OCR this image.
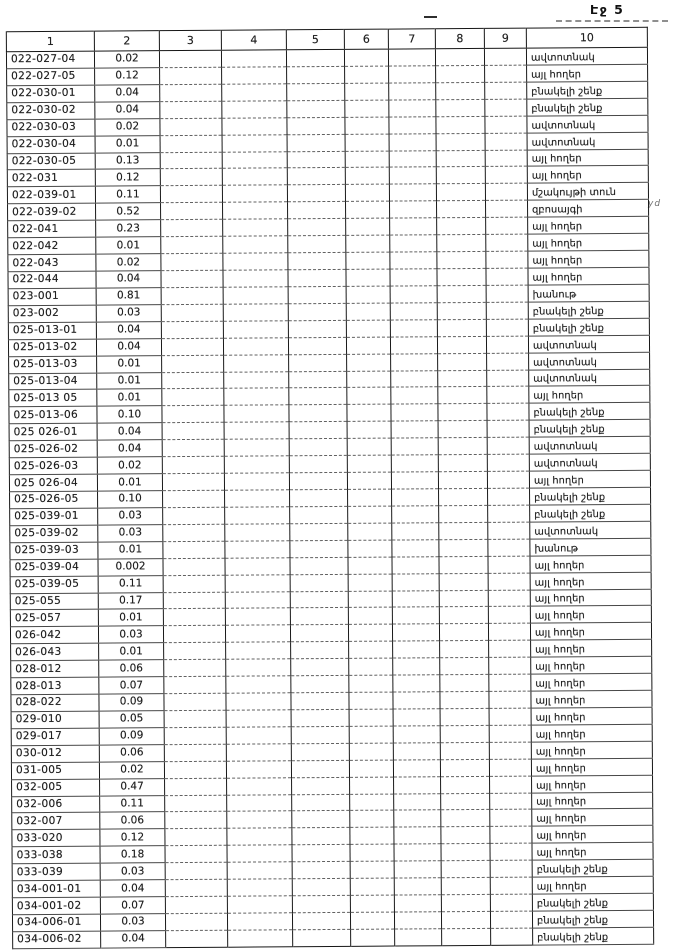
Էջ 5
yd
1	2	3	4	5	6	7	8	9	10
022-027-04	0.02								ավտոտնակ
022-027-05	0.12								այլ հողեր
022-030-01	0.04								բնակելի շենք
022-030-02	0.04								բնակելի շենք
022-030-03	0.02								ավտոտնակ
022-030-04	0.01								ավտոտնակ
022-030-05	0.13								այլ հողեր
022-031	0.12								այլ հողեր
022-039-01	0.11								մշակույթի տուն
022-039-02	0.52								զբոսայգի
022-041	0.23								այլ հողեր
022-042	0.01								այլ հողեր
022-043	0.02								այլ հողեր
022-044	0.04								այլ հողեր
023-001	0.81								խանութ
023-002	0.03								բնակելի շենք
025-013-01	0.04								բնակելի շենք
025-013-02	0.04								ավտոտնակ
025-013-03	0.01								ավտոտնակ
025-013-04	0.01								ավտոտնակ
025-013 05	0.01								այլ հողեր
025-013-06	0.10								բնակելի շենք
025 026-01	0.04								բնակելի շենք
025-026-02	0.04								ավտոտնակ
025-026-03	0.02								ավտոտնակ
025 026-04	0.01								այլ հողեր
025-026-05	0.10								բնակելի շենք
025-039-01	0.03								բնակելի շենք
025-039-02	0.03								ավտոտնակ
025-039-03	0.01								խանութ
025-039-04	0.002								այլ հողեր
025-039-05	0.11								այլ հողեր
025-055	0.17								այլ հողեր
025-057	0.01								այլ հողեր
026-042	0.03								այլ հողեր
026-043	0.01								այլ հողեր
028-012	0.06								այլ հողեր
028-013	0.07								այլ հողեր
028-022	0.09								այլ հողեր
029-010	0.05								այլ հողեր
029-017	0.09								այլ հողեր
030-012	0.06								այլ հողեր
031-005	0.02								այլ հողեր
032-005	0.47								այլ հողեր
032-006	0.11								այլ հողեր
032-007	0.06								այլ հողեր
033-020	0.12								այլ հողեր
033-038	0.18								այլ հողեր
033-039	0.03								բնակելի շենք
034-001-01	0.04								այլ հողեր
034-001-02	0.07								բնակելի շենք
034-006-01	0.03								բնակելի շենք
034-006-02	0.04								բնակելի շենք
